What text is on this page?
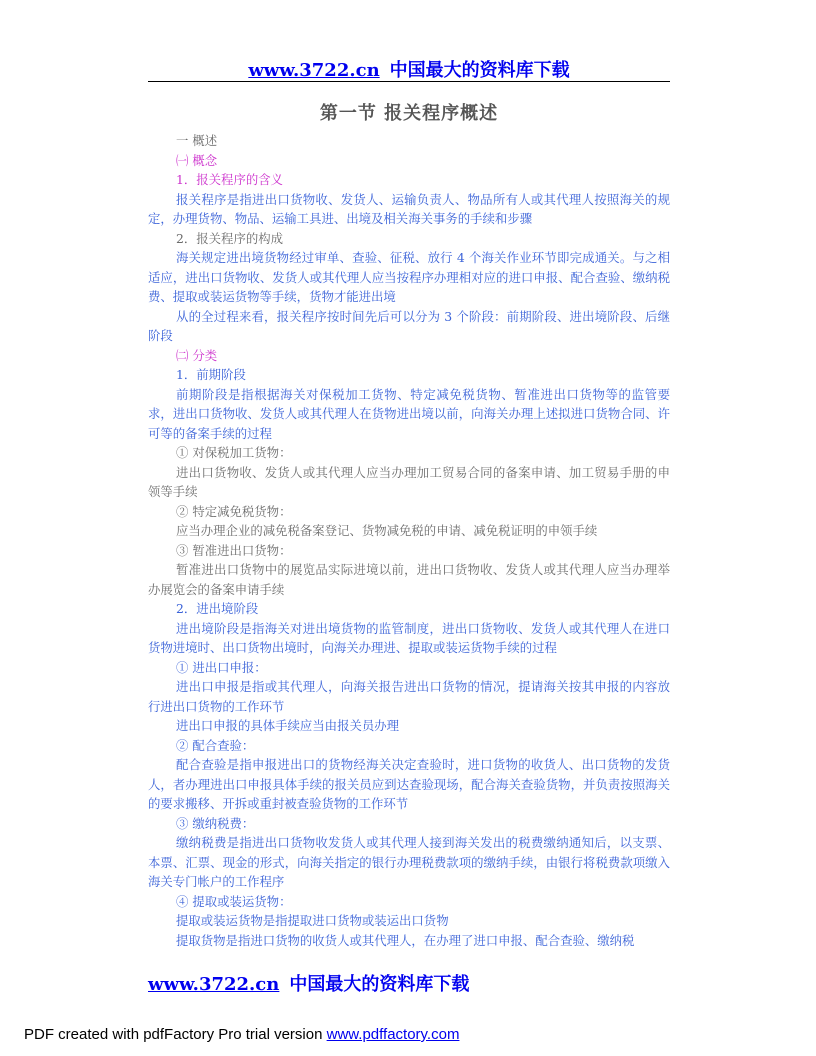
www.3722.cn 中国最大的资料库下载
第一节 报关程序概述
一 概述
㈠ 概念
1．报关程序的含义
报关程序是指进出口货物收、发货人、运输负责人、物品所有人或其代理人按照海关的规定，办理货物、物品、运输工具进、出境及相关海关事务的手续和步骤
2．报关程序的构成
海关规定进出境货物经过审单、查验、征税、放行 4 个海关作业环节即完成通关。与之相适应，进出口货物收、发货人或其代理人应当按程序办理相对应的进口申报、配合查验、缴纳税费、提取或装运货物等手续，货物才能进出境
从的全过程来看，报关程序按时间先后可以分为 3 个阶段：前期阶段、进出境阶段、后继阶段
㈡ 分类
1．前期阶段
前期阶段是指根据海关对保税加工货物、特定减免税货物、暂准进出口货物等的监管要求，进出口货物收、发货人或其代理人在货物进出境以前，向海关办理上述拟进口货物合同、许可等的备案手续的过程
① 对保税加工货物：
进出口货物收、发货人或其代理人应当办理加工贸易合同的备案申请、加工贸易手册的申领等手续
② 特定减免税货物：
应当办理企业的减免税备案登记、货物减免税的申请、减免税证明的申领手续
③ 暂准进出口货物：
暂准进出口货物中的展览品实际进境以前，进出口货物收、发货人或其代理人应当办理举办展览会的备案申请手续
2．进出境阶段
进出境阶段是指海关对进出境货物的监管制度，进出口货物收、发货人或其代理人在进口货物进境时、出口货物出境时，向海关办理进、提取或装运货物手续的过程
① 进出口申报：
进出口申报是指或其代理人，向海关报告进出口货物的情况，提请海关按其申报的内容放行进出口货物的工作环节
进出口申报的具体手续应当由报关员办理
② 配合查验：
配合查验是指申报进出口的货物经海关决定查验时，进口货物的收货人、出口货物的发货人，者办理进出口申报具体手续的报关员应到达查验现场，配合海关查验货物，并负责按照海关的要求搬移、开拆或重封被查验货物的工作环节
③ 缴纳税费：
缴纳税费是指进出口货物收发货人或其代理人接到海关发出的税费缴纳通知后，以支票、本票、汇票、现金的形式，向海关指定的银行办理税费款项的缴纳手续，由银行将税费款项缴入海关专门帐户的工作程序
④ 提取或装运货物：
提取或装运货物是指提取进口货物或装运出口货物
提取货物是指进口货物的收货人或其代理人，在办理了进口申报、配合查验、缴纳税
www.3722.cn 中国最大的资料库下载
PDF created with pdfFactory Pro trial version www.pdffactory.com
